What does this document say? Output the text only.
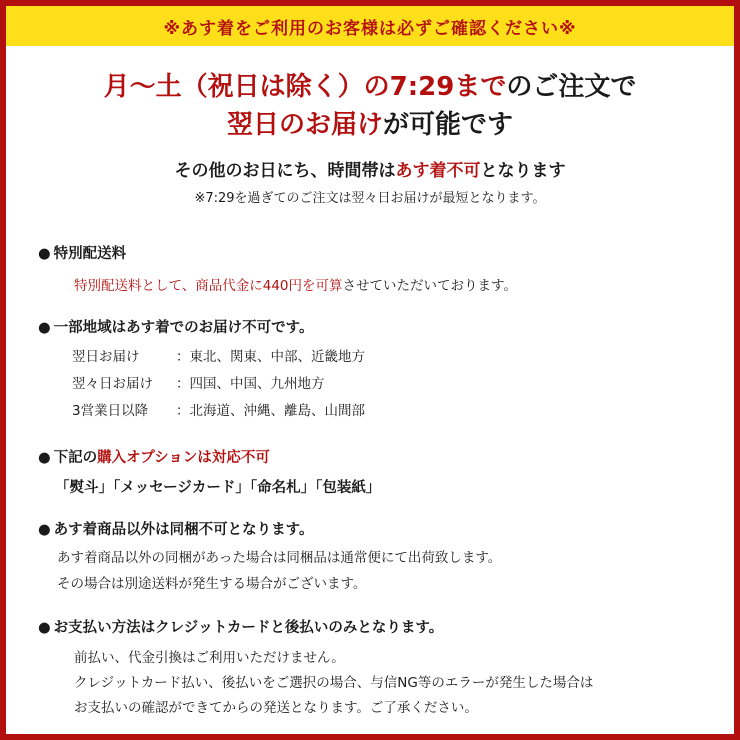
※あす着をご利用のお客様は必ずご確認ください※
月〜土（祝日は除く）の7:29までのご注文で
翌日のお届けが可能です
その他のお日にち、時間帯はあす着不可となります
※7:29を過ぎてのご注文は翌々日お届けが最短となります。
● 特別配送料
特別配送料として、商品代金に440円を可算させていただいております。
● 一部地域はあす着でのお届け不可です。
翌日お届け	：東北、関東、中部、近畿地方
翌々日お届け	：四国、中国、九州地方
3営業日以降	：北海道、沖縄、離島、山間部
● 下記の購入オプションは対応不可
「熨斗」「メッセージカード」「命名札」「包装紙」
● あす着商品以外は同梱不可となります。
あす着商品以外の同梱があった場合は同梱品は通常便にて出荷致します。
その場合は別途送料が発生する場合がございます。
● お支払い方法はクレジットカードと後払いのみとなります。
前払い、代金引換はご利用いただけません。
クレジットカード払い、後払いをご選択の場合、与信NG等のエラーが発生した場合は
お支払いの確認ができてからの発送となります。ご了承ください。
